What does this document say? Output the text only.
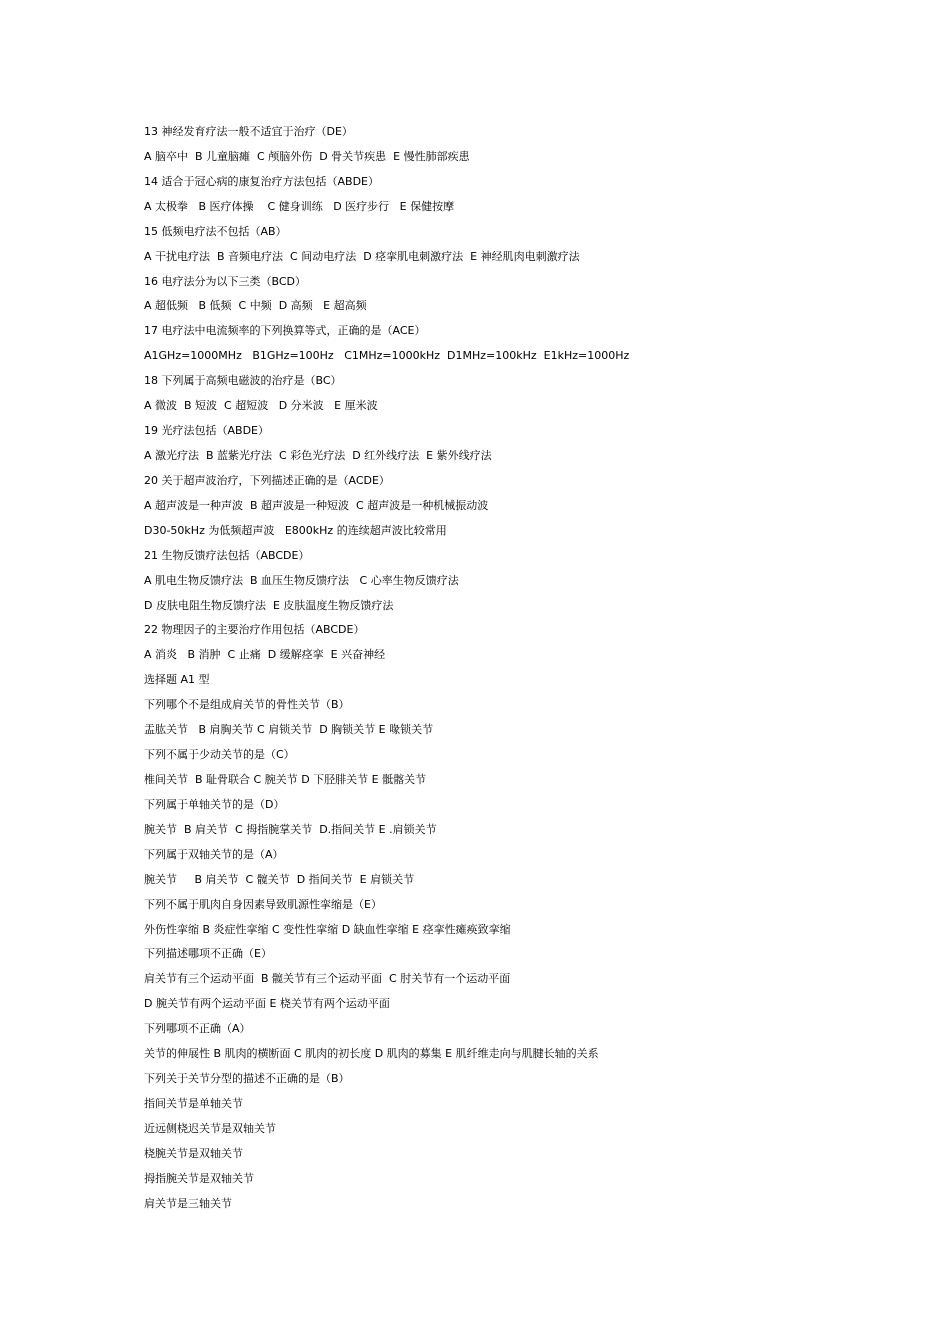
13 神经发育疗法一般不适宜于治疗（DE）
A 脑卒中  B 儿童脑瘫  C 颅脑外伤  D 骨关节疾患  E 慢性肺部疾患
14 适合于冠心病的康复治疗方法包括（ABDE）
A 太极拳   B 医疗体操    C 健身训练   D 医疗步行   E 保健按摩
15 低频电疗法不包括（AB）
A 干扰电疗法  B 音频电疗法  C 间动电疗法  D 痉挛肌电刺激疗法  E 神经肌肉电刺激疗法
16 电疗法分为以下三类（BCD）
A 超低频   B 低频  C 中频  D 高频   E 超高频
17 电疗法中电流频率的下列换算等式，正确的是（ACE）
A1GHz=1000MHz   B1GHz=100Hz   C1MHz=1000kHz  D1MHz=100kHz  E1kHz=1000Hz
18 下列属于高频电磁波的治疗是（BC）
A 微波  B 短波  C 超短波   D 分米波   E 厘米波
19 光疗法包括（ABDE）
A 激光疗法  B 蓝紫光疗法  C 彩色光疗法  D 红外线疗法  E 紫外线疗法
20 关于超声波治疗，下列描述正确的是（ACDE）
A 超声波是一种声波  B 超声波是一种短波  C 超声波是一种机械振动波
D30-50kHz 为低频超声波   E800kHz 的连续超声波比较常用
21 生物反馈疗法包括（ABCDE）
A 肌电生物反馈疗法  B 血压生物反馈疗法   C 心率生物反馈疗法
D 皮肤电阻生物反馈疗法  E 皮肤温度生物反馈疗法
22 物理因子的主要治疗作用包括（ABCDE）
A 消炎   B 消肿  C 止痛  D 缓解痉挛  E 兴奋神经
选择题 A1 型
下列哪个不是组成肩关节的骨性关节（B）
盂肱关节   B 肩胸关节 C 肩锁关节  D 胸锁关节 E 喙锁关节
下列不属于少动关节的是（C）
椎间关节  B 耻骨联合 C 腕关节 D 下胫腓关节 E 骶髂关节
下列属于单轴关节的是（D）
腕关节  B 肩关节  C 拇指腕掌关节  D.指间关节 E .肩锁关节
下列属于双轴关节的是（A）
腕关节     B 肩关节  C 髋关节  D 指间关节  E 肩锁关节
下列不属于肌肉自身因素导致肌源性挛缩是（E）
外伤性挛缩 B 炎症性挛缩 C 变性性挛缩 D 缺血性挛缩 E 痉挛性瘫痪致挛缩
下列描述哪项不正确（E）
肩关节有三个运动平面  B 髋关节有三个运动平面  C 肘关节有一个运动平面
D 腕关节有两个运动平面 E 桡关节有两个运动平面
下列哪项不正确（A）
关节的伸展性 B 肌肉的横断面 C 肌肉的初长度 D 肌肉的募集 E 肌纤维走向与肌腱长轴的关系
下列关于关节分型的描述不正确的是（B）
指间关节是单轴关节
近远侧桡迟关节是双轴关节
桡腕关节是双轴关节
拇指腕关节是双轴关节
肩关节是三轴关节
